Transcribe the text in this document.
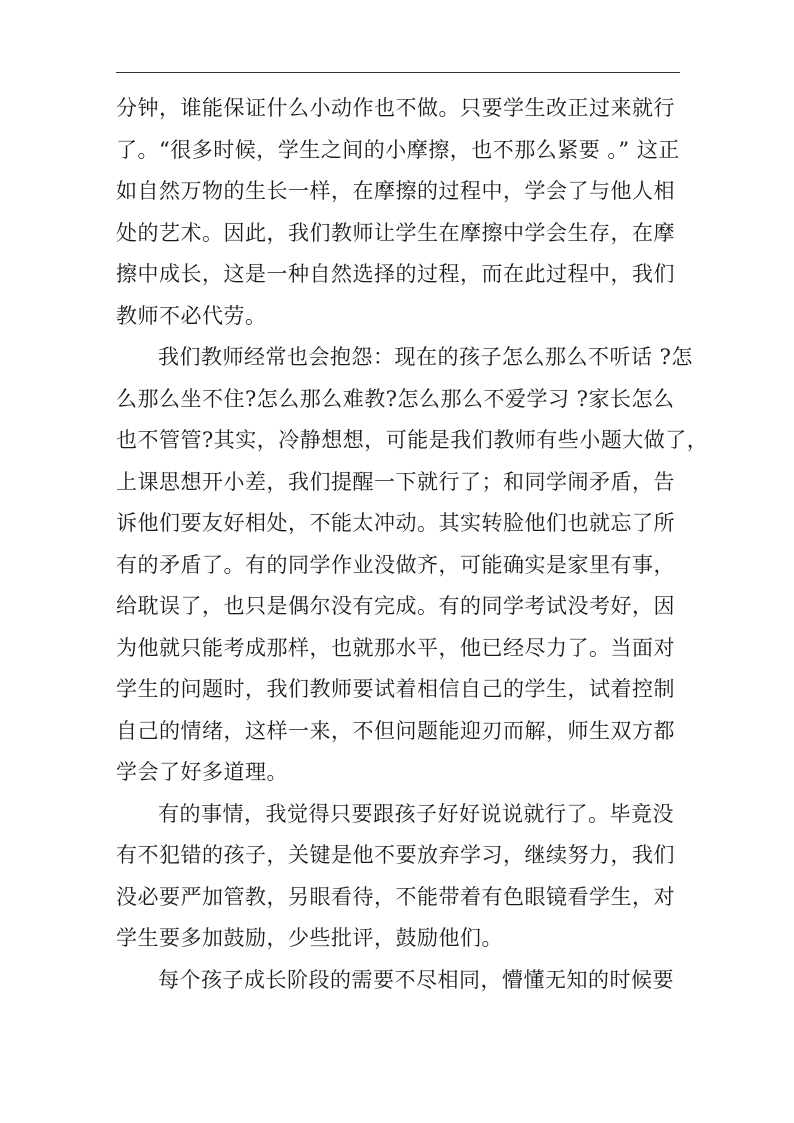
分钟，谁能保证什么小动作也不做。只要学生改正过来就行
了。“很多时候，学生之间的小摩擦，也不那么紧要 。” 这正
如自然万物的生长一样，在摩擦的过程中，学会了与他人相
处的艺术。因此，我们教师让学生在摩擦中学会生存，在摩
擦中成长，这是一种自然选择的过程，而在此过程中，我们
教师不必代劳。
我们教师经常也会抱怨：现在的孩子怎么那么不听话 ?怎
么那么坐不住?怎么那么难教?怎么那么不爱学习 ?家长怎么
也不管管?其实，冷静想想，可能是我们教师有些小题大做了，
上课思想开小差，我们提醒一下就行了；和同学闹矛盾，告
诉他们要友好相处，不能太冲动。其实转脸他们也就忘了所
有的矛盾了。有的同学作业没做齐，可能确实是家里有事，
给耽误了，也只是偶尔没有完成。有的同学考试没考好，因
为他就只能考成那样，也就那水平，他已经尽力了。当面对
学生的问题时，我们教师要试着相信自己的学生，试着控制
自己的情绪，这样一来，不但问题能迎刃而解，师生双方都
学会了好多道理。
有的事情，我觉得只要跟孩子好好说说就行了。毕竟没
有不犯错的孩子，关键是他不要放弃学习，继续努力，我们
没必要严加管教，另眼看待，不能带着有色眼镜看学生，对
学生要多加鼓励，少些批评，鼓励他们。
每个孩子成长阶段的需要不尽相同，懵懂无知的时候要
